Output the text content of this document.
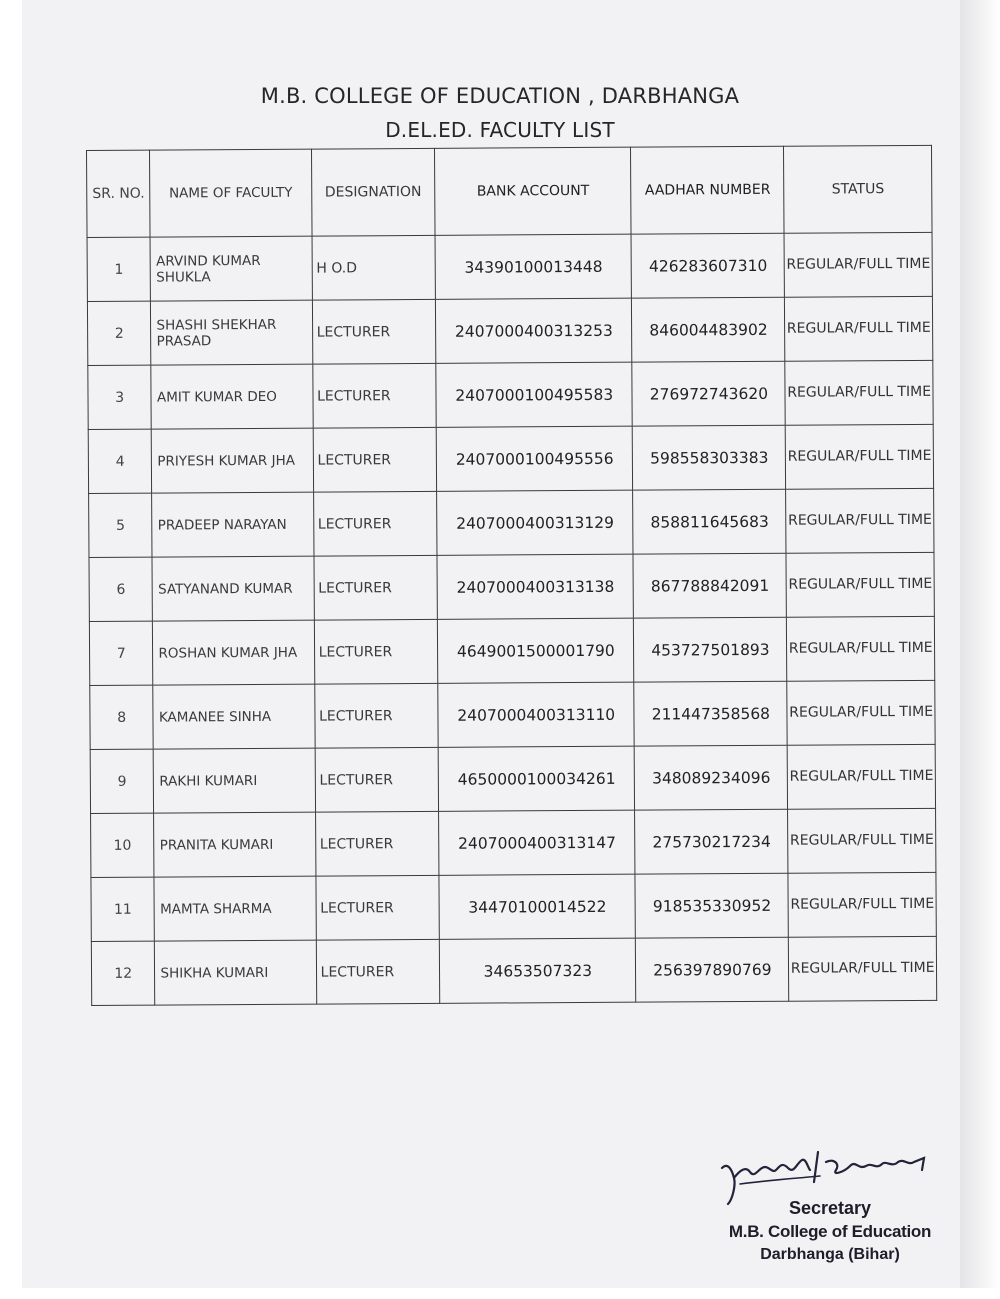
M.B. COLLEGE OF EDUCATION , DARBHANGA
D.EL.ED. FACULTY LIST
SR. NO.	NAME OF FACULTY	DESIGNATION	BANK ACCOUNT	AADHAR NUMBER	STATUS
1	ARVIND KUMAR SHUKLA	H O.D	34390100013448	426283607310	REGULAR/FULL TIME
2	SHASHI SHEKHAR PRASAD	LECTURER	2407000400313253	846004483902	REGULAR/FULL TIME
3	AMIT KUMAR DEO	LECTURER	2407000100495583	276972743620	REGULAR/FULL TIME
4	PRIYESH KUMAR JHA	LECTURER	2407000100495556	598558303383	REGULAR/FULL TIME
5	PRADEEP NARAYAN	LECTURER	2407000400313129	858811645683	REGULAR/FULL TIME
6	SATYANAND KUMAR	LECTURER	2407000400313138	867788842091	REGULAR/FULL TIME
7	ROSHAN KUMAR JHA	LECTURER	4649001500001790	453727501893	REGULAR/FULL TIME
8	KAMANEE SINHA	LECTURER	2407000400313110	211447358568	REGULAR/FULL TIME
9	RAKHI KUMARI	LECTURER	4650000100034261	348089234096	REGULAR/FULL TIME
10	PRANITA KUMARI	LECTURER	2407000400313147	275730217234	REGULAR/FULL TIME
11	MAMTA SHARMA	LECTURER	34470100014522	918535330952	REGULAR/FULL TIME
12	SHIKHA KUMARI	LECTURER	34653507323	256397890769	REGULAR/FULL TIME
Secretary
M.B. College of Education
Darbhanga (Bihar)
